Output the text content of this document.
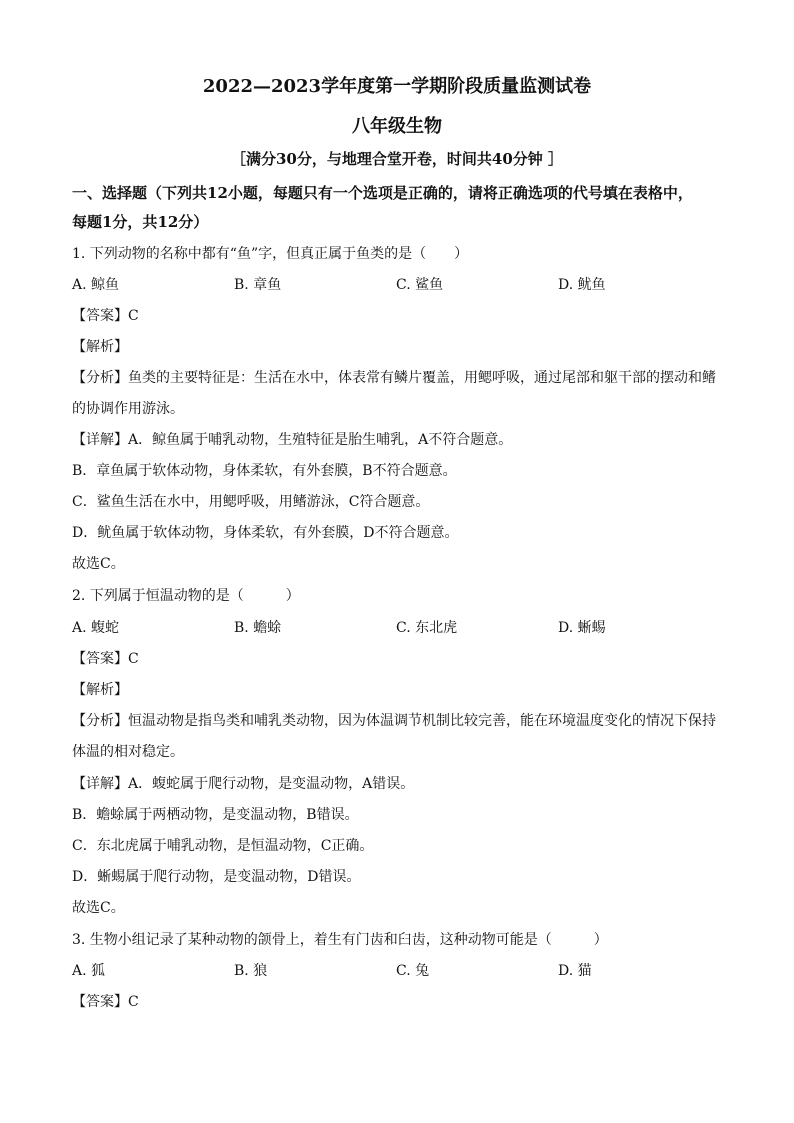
2022—2023学年度第一学期阶段质量监测试卷
八年级生物
［满分30分，与地理合堂开卷，时间共40分钟 ］
一、选择题（下列共12小题，每题只有一个选项是正确的，请将正确选项的代号填在表格中，
每题1分，共12分）
1. 下列动物的名称中都有“鱼”字，但真正属于鱼类的是（　　）
A. 鲸鱼	B. 章鱼	C. 鲨鱼	D. 鱿鱼
【答案】C
【解析】
【分析】鱼类的主要特征是：生活在水中，体表常有鳞片覆盖，用鳃呼吸，通过尾部和躯干部的摆动和鳍
的协调作用游泳。
【详解】A．鲸鱼属于哺乳动物，生殖特征是胎生哺乳，A不符合题意。
B．章鱼属于软体动物，身体柔软，有外套膜，B不符合题意。
C．鲨鱼生活在水中，用鳃呼吸，用鳍游泳，C符合题意。
D．鱿鱼属于软体动物，身体柔软，有外套膜，D不符合题意。
故选C。
2. 下列属于恒温动物的是（　　　）
A. 蝮蛇	B. 蟾蜍	C. 东北虎	D. 蜥蜴
【答案】C
【解析】
【分析】恒温动物是指鸟类和哺乳类动物，因为体温调节机制比较完善，能在环境温度变化的情况下保持
体温的相对稳定。
【详解】A．蝮蛇属于爬行动物，是变温动物，A错误。
B．蟾蜍属于两栖动物，是变温动物，B错误。
C．东北虎属于哺乳动物，是恒温动物，C正确。
D．蜥蜴属于爬行动物，是变温动物，D错误。
故选C。
3. 生物小组记录了某种动物的颌骨上，着生有门齿和臼齿，这种动物可能是（　　　）
A. 狐	B. 狼	C. 兔	D. 猫
【答案】C
